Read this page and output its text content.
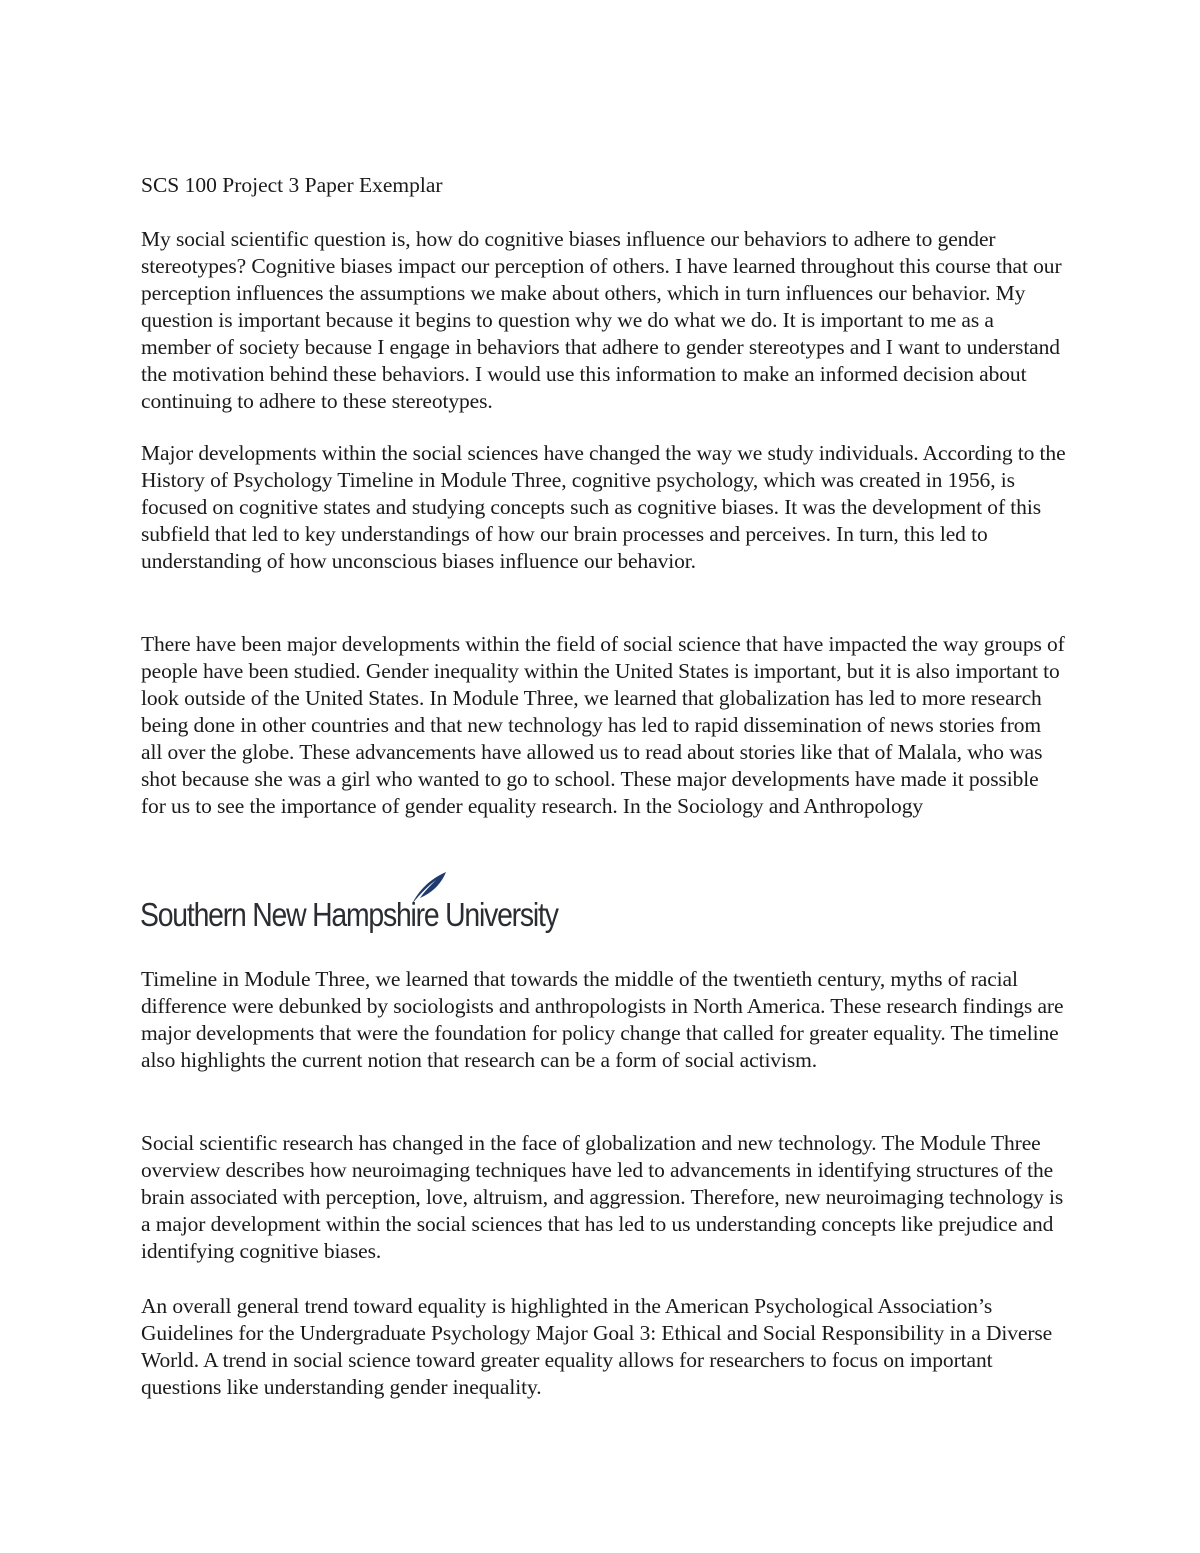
SCS 100 Project 3 Paper Exemplar

My social scientific question is, how do cognitive biases influence our behaviors to adhere to gender stereotypes? Cognitive biases impact our perception of others. I have learned throughout this course that our perception influences the assumptions we make about others, which in turn influences our behavior. My question is important because it begins to question why we do what we do. It is important to me as a member of society because I engage in behaviors that adhere to gender stereotypes and I want to understand the motivation behind these behaviors. I would use this information to make an informed decision about continuing to adhere to these stereotypes.
Major developments within the social sciences have changed the way we study individuals. According to the History of Psychology Timeline in Module Three, cognitive psychology, which was created in 1956, is focused on cognitive states and studying concepts such as cognitive biases. It was the development of this subfield that led to key understandings of how our brain processes and perceives. In turn, this led to understanding of how unconscious biases influence our behavior.
There have been major developments within the field of social science that have impacted the way groups of people have been studied. Gender inequality within the United States is important, but it is also important to look outside of the United States. In Module Three, we learned that globalization has led to more research being done in other countries and that new technology has led to rapid dissemination of news stories from all over the globe. These advancements have allowed us to read about stories like that of Malala, who was shot because she was a girl who wanted to go to school. These major developments have made it possible for us to see the importance of gender equality research. In the Sociology and Anthropology
Southern New Hampshire University
Timeline in Module Three, we learned that towards the middle of the twentieth century, myths of racial difference were debunked by sociologists and anthropologists in North America. These research findings are major developments that were the foundation for policy change that called for greater equality. The timeline also highlights the current notion that research can be a form of social activism.
Social scientific research has changed in the face of globalization and new technology. The Module Three overview describes how neuroimaging techniques have led to advancements in identifying structures of the brain associated with perception, love, altruism, and aggression. Therefore, new neuroimaging technology is a major development within the social sciences that has led to us understanding concepts like prejudice and identifying cognitive biases.
An overall general trend toward equality is highlighted in the American Psychological Association’s Guidelines for the Undergraduate Psychology Major Goal 3: Ethical and Social Responsibility in a Diverse World. A trend in social science toward greater equality allows for researchers to focus on important questions like understanding gender inequality.
